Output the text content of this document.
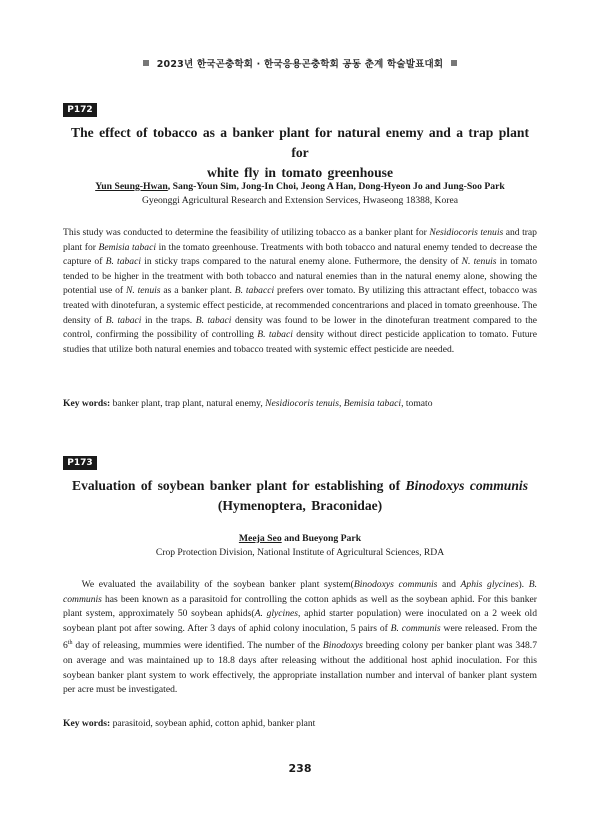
2023년 한국곤충학회 · 한국응용곤충학회 공동 춘계 학술발표대회
P172
The effect of tobacco as a banker plant for natural enemy and a trap plant for
white fly in tomato greenhouse
Yun Seung-Hwan, Sang-Youn Sim, Jong-In Choi, Jeong A Han, Dong-Hyeon Jo and Jung-Soo Park
Gyeonggi Agricultural Research and Extension Services, Hwaseong 18388, Korea
This study was conducted to determine the feasibility of utilizing tobacco as a banker plant for Nesidiocoris tenuis and trap plant for Bemisia tabaci in the tomato greenhouse. Treatments with both tobacco and natural enemy tended to decrease the capture of B. tabaci in sticky traps compared to the natural enemy alone. Futhermore, the density of N. tenuis in tomato tended to be higher in the treatment with both tobacco and natural enemies than in the natural enemy alone, showing the potential use of N. tenuis as a banker plant. B. tabacci prefers over tomato. By utilizing this attractant effect, tobacco was treated with dinotefuran, a systemic effect pesticide, at recommended concentrarions and placed in tomato greenhouse. The density of B. tabaci in the traps. B. tabaci density was found to be lower in the dinotefuran treatment compared to the control, confirming the possibility of controlling B. tabaci density without direct pesticide application to tomato. Future studies that utilize both natural enemies and tobacco treated with systemic effect pesticide are needed.
Key words: banker plant, trap plant, natural enemy, Nesidiocoris tenuis, Bemisia tabaci, tomato
P173
Evaluation of soybean banker plant for establishing of Binodoxys communis
(Hymenoptera, Braconidae)
Meeja Seo and Bueyong Park
Crop Protection Division, National Institute of Agricultural Sciences, RDA
We evaluated the availability of the soybean banker plant system(Binodoxys communis and Aphis glycines). B. communis has been known as a parasitoid for controlling the cotton aphids as well as the soybean aphid. For this banker plant system, approximately 50 soybean aphids(A. glycines, aphid starter population) were inoculated on a 2 week old soybean plant pot after sowing. After 3 days of aphid colony inoculation, 5 pairs of B. communis were released. From the 6th day of releasing, mummies were identified. The number of the Binodoxys breeding colony per banker plant was 348.7 on average and was maintained up to 18.8 days after releasing without the additional host aphid inoculation. For this soybean banker plant system to work effectively, the appropriate installation number and interval of banker plant system per acre must be investigated.
Key words: parasitoid, soybean aphid, cotton aphid, banker plant
238
